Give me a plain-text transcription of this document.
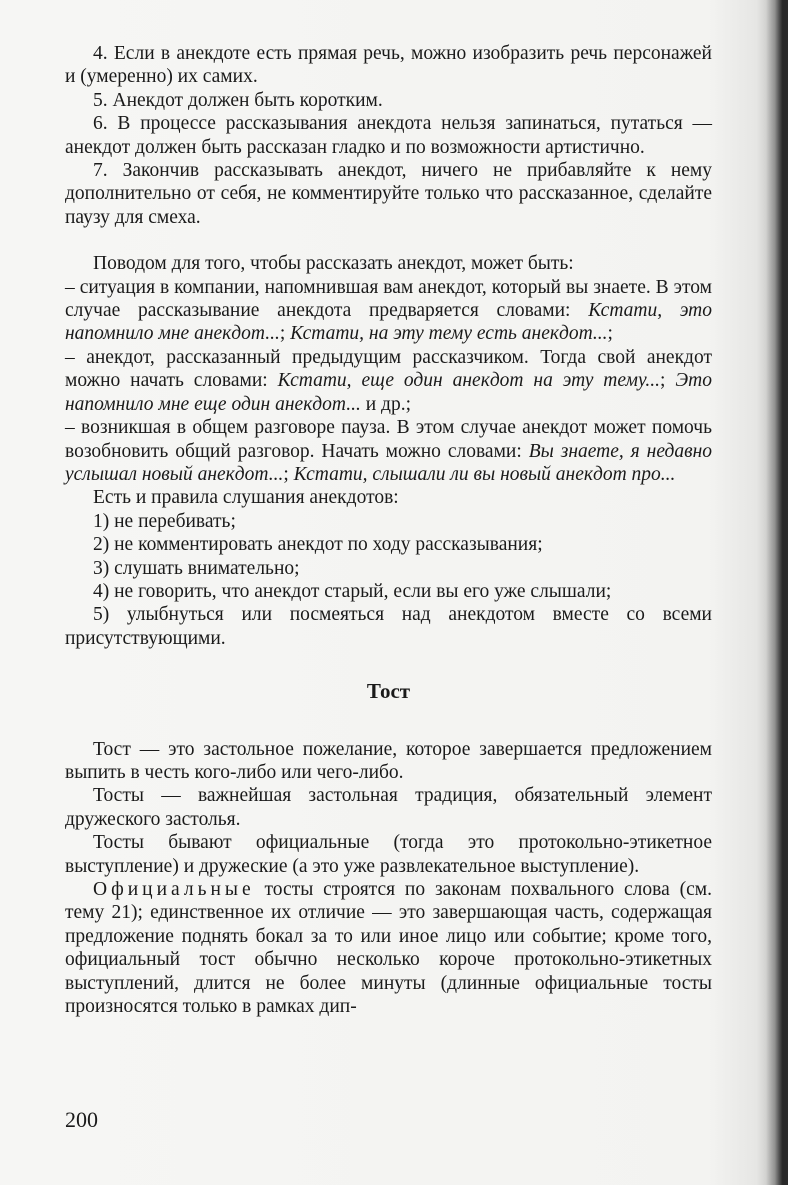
4. Если в анекдоте есть прямая речь, можно изобразить речь персонажей и (умеренно) их самих.

5. Анекдот должен быть коротким.

6. В процессе рассказывания анекдота нельзя запинаться, путаться — анекдот должен быть рассказан гладко и по возможности артистично.

7. Закончив рассказывать анекдот, ничего не прибавляйте к нему дополнительно от себя, не комментируйте только что рассказанное, сделайте паузу для смеха.

Поводом для того, чтобы рассказать анекдот, может быть:

– ситуация в компании, напомнившая вам анекдот, который вы знаете. В этом случае рассказывание анекдота предваряется словами: Кстати, это напомнило мне анекдот...; Кстати, на эту тему есть анекдот...;

– анекдот, рассказанный предыдущим рассказчиком. Тогда свой анекдот можно начать словами: Кстати, еще один анекдот на эту тему...; Это напомнило мне еще один анекдот... и др.;

– возникшая в общем разговоре пауза. В этом случае анекдот может помочь возобновить общий разговор. Начать можно словами: Вы знаете, я недавно услышал новый анекдот...; Кстати, слышали ли вы новый анекдот про...

Есть и правила слушания анекдотов:

1) не перебивать;

2) не комментировать анекдот по ходу рассказывания;

3) слушать внимательно;

4) не говорить, что анекдот старый, если вы его уже слышали;

5) улыбнуться или посмеяться над анекдотом вместе со всеми присутствующими.

Тост

Тост — это застольное пожелание, которое завершается предложением выпить в честь кого-либо или чего-либо.

Тосты — важнейшая застольная традиция, обязательный элемент дружеского застолья.

Тосты бывают официальные (тогда это протокольно-этикетное выступление) и дружеские (а это уже развлекательное выступление).

Официальные тосты строятся по законам похвального слова (см. тему 21); единственное их отличие — это завершающая часть, содержащая предложение поднять бокал за то или иное лицо или событие; кроме того, официальный тост обычно несколько короче протокольно-этикетных выступлений, длится не более минуты (длинные официальные тосты произносятся только в рамках дип-

200
